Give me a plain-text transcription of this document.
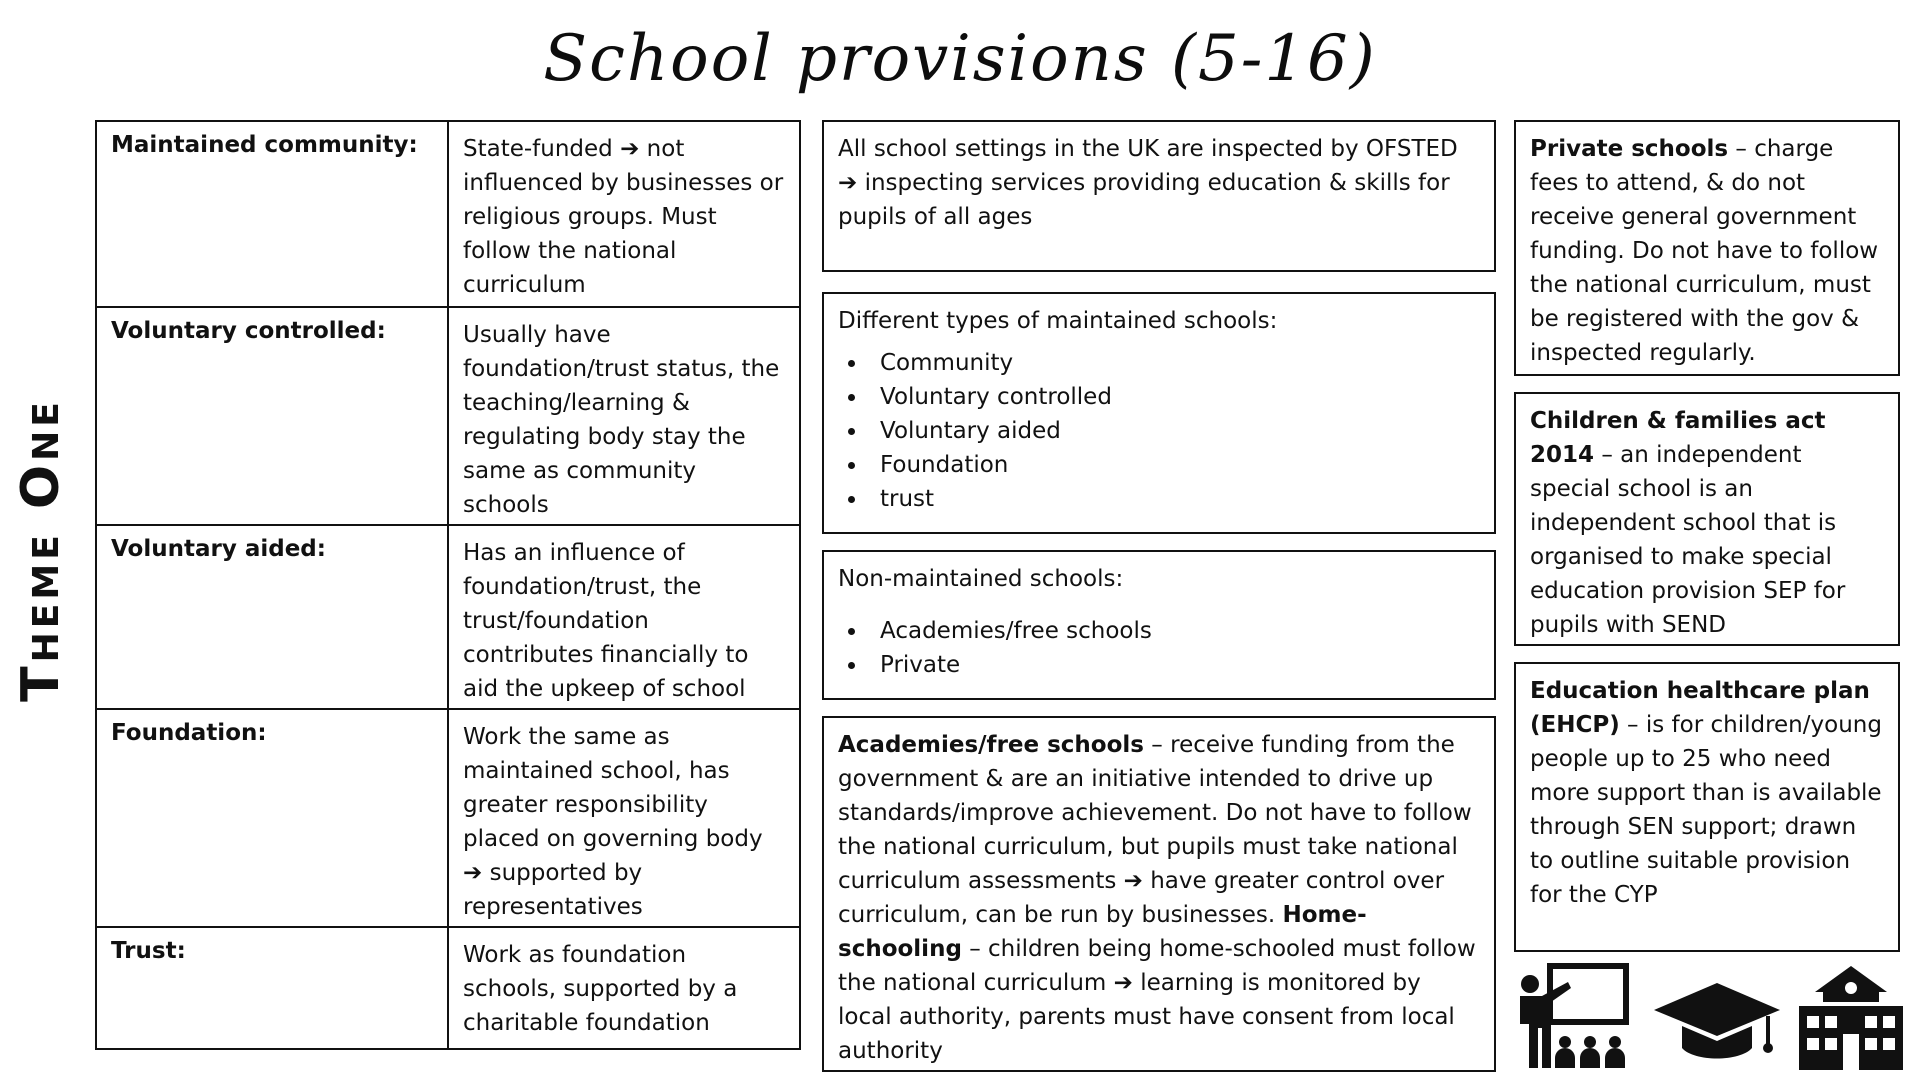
School provisions (5-16)
Theme One
Maintained community:	State-funded ➔ not influenced by businesses or religious groups. Must follow the national curriculum
Voluntary controlled:	Usually have foundation/trust status, the teaching/learning & regulating body stay the same as community schools
Voluntary aided:	Has an influence of foundation/trust, the trust/foundation contributes financially to aid the upkeep of school
Foundation:	Work the same as maintained school, has greater responsibility placed on governing body ➔ supported by representatives
Trust:	Work as foundation schools, supported by a charitable foundation
All school settings in the UK are inspected by OFSTED ➔ inspecting services providing education & skills for pupils of all ages
Different types of maintained schools:
• Community
• Voluntary controlled
• Voluntary aided
• Foundation
• trust
Non-maintained schools:
• Academies/free schools
• Private
Academies/free schools – receive funding from the government & are an initiative intended to drive up standards/improve achievement. Do not have to follow the national curriculum, but pupils must take national curriculum assessments ➔ have greater control over curriculum, can be run by businesses. Home-schooling – children being home-schooled must follow the national curriculum ➔ learning is monitored by local authority, parents must have consent from local authority
Private schools – charge fees to attend, & do not receive general government funding. Do not have to follow the national curriculum, must be registered with the gov & inspected regularly.
Children & families act 2014 – an independent special school is an independent school that is organised to make special education provision SEP for pupils with SEND
Education healthcare plan (EHCP) – is for children/young people up to 25 who need more support than is available through SEN support; drawn to outline suitable provision for the CYP
